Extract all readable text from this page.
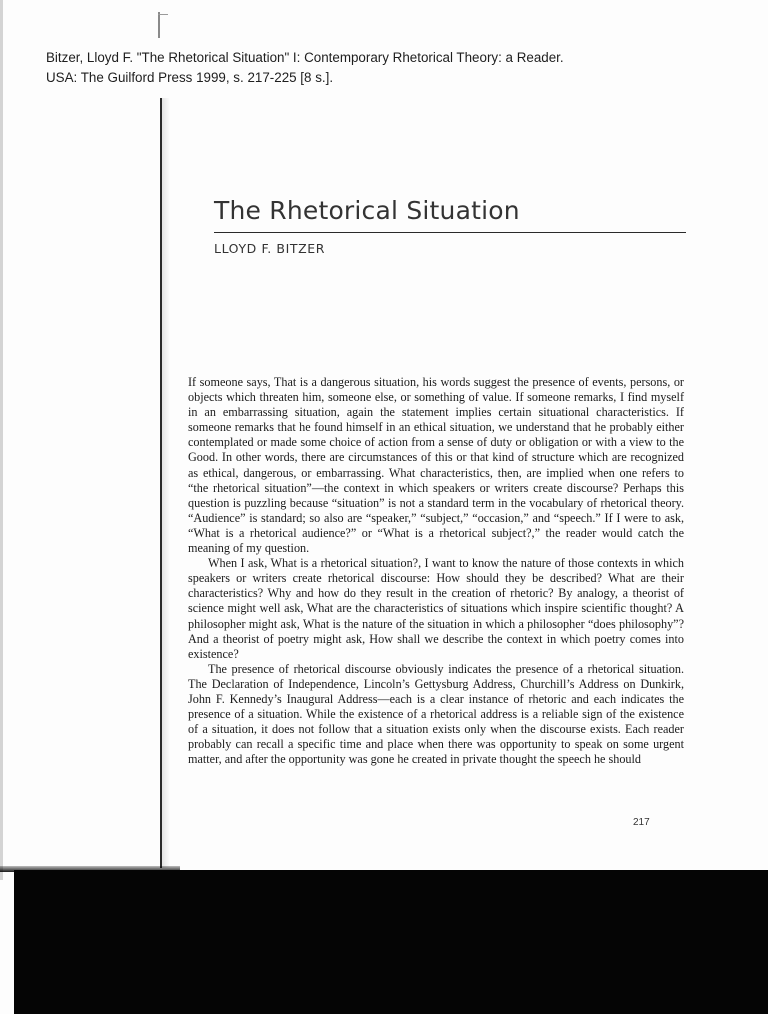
Bitzer, Lloyd F. "The Rhetorical Situation" I: Contemporary Rhetorical Theory: a Reader.
USA: The Guilford Press 1999, s. 217-225 [8 s.].
The Rhetorical Situation
LLOYD F. BITZER

If someone says, That is a dangerous situation, his words suggest the presence of events, persons, or objects which threaten him, someone else, or something of value. If someone remarks, I find myself in an embarrassing situation, again the statement implies certain situational characteristics. If someone remarks that he found himself in an ethical situation, we understand that he probably either contemplated or made some choice of action from a sense of duty or obligation or with a view to the Good. In other words, there are circumstances of this or that kind of structure which are recognized as ethical, dangerous, or embarrassing. What characteristics, then, are implied when one refers to “the rhetorical situation”—the context in which speakers or writers create discourse? Perhaps this question is puzzling because “situation” is not a standard term in the vocabulary of rhetorical theory. “Audience” is standard; so also are “speaker,” “subject,” “occasion,” and “speech.” If I were to ask, “What is a rhetorical audience?” or “What is a rhetorical subject?,” the reader would catch the meaning of my question.

When I ask, What is a rhetorical situation?, I want to know the nature of those contexts in which speakers or writers create rhetorical discourse: How should they be described? What are their characteristics? Why and how do they result in the creation of rhetoric? By analogy, a theorist of science might well ask, What are the characteristics of situations which inspire scientific thought? A philosopher might ask, What is the nature of the situation in which a philosopher “does philosophy”? And a theorist of poetry might ask, How shall we describe the context in which poetry comes into existence?

The presence of rhetorical discourse obviously indicates the presence of a rhetorical situation. The Declaration of Independence, Lincoln’s Gettysburg Address, Churchill’s Address on Dunkirk, John F. Kennedy’s Inaugural Address—each is a clear instance of rhetoric and each indicates the presence of a situation. While the existence of a rhetorical address is a reliable sign of the existence of a situation, it does not follow that a situation exists only when the discourse exists. Each reader probably can recall a specific time and place when there was opportunity to speak on some urgent matter, and after the opportunity was gone he created in private thought the speech he should

217
